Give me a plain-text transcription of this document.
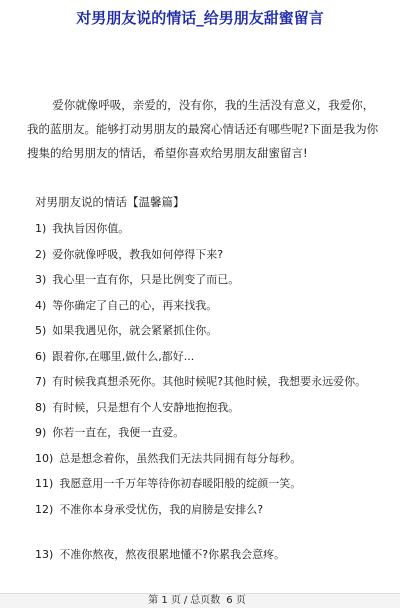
对男朋友说的情话_给男朋友甜蜜留言

爱你就像呼吸，亲爱的，没有你，我的生活没有意义，我爱你，我的蓝朋友。能够打动男朋友的最窝心情话还有哪些呢?下面是我为你搜集的给男朋友的情话，希望你喜欢给男朋友甜蜜留言!

对男朋友说的情话【温馨篇】

1) 我执旨因你值。
2) 爱你就像呼吸，教我如何停得下来?
3) 我心里一直有你，只是比例变了而已。
4) 等你确定了自己的心，再来找我。
5) 如果我遇见你，就会紧紧抓住你。
6) 跟着你,在哪里,做什么,都好...
7) 有时候我真想杀死你。其他时候呢?其他时候，我想要永远爱你。
8) 有时候，只是想有个人安静地抱抱我。
9) 你若一直在，我便一直爱。
10) 总是想念着你，虽然我们无法共同拥有每分每秒。
11) 我愿意用一千万年等待你初春暖阳般的绽颜一笑。
12) 不准你本身承受忧伤，我的肩膀是安排么?
13) 不准你熬夜，熬夜很累地懂不?你累我会意疼。
第 1 页 / 总页数 6 页
